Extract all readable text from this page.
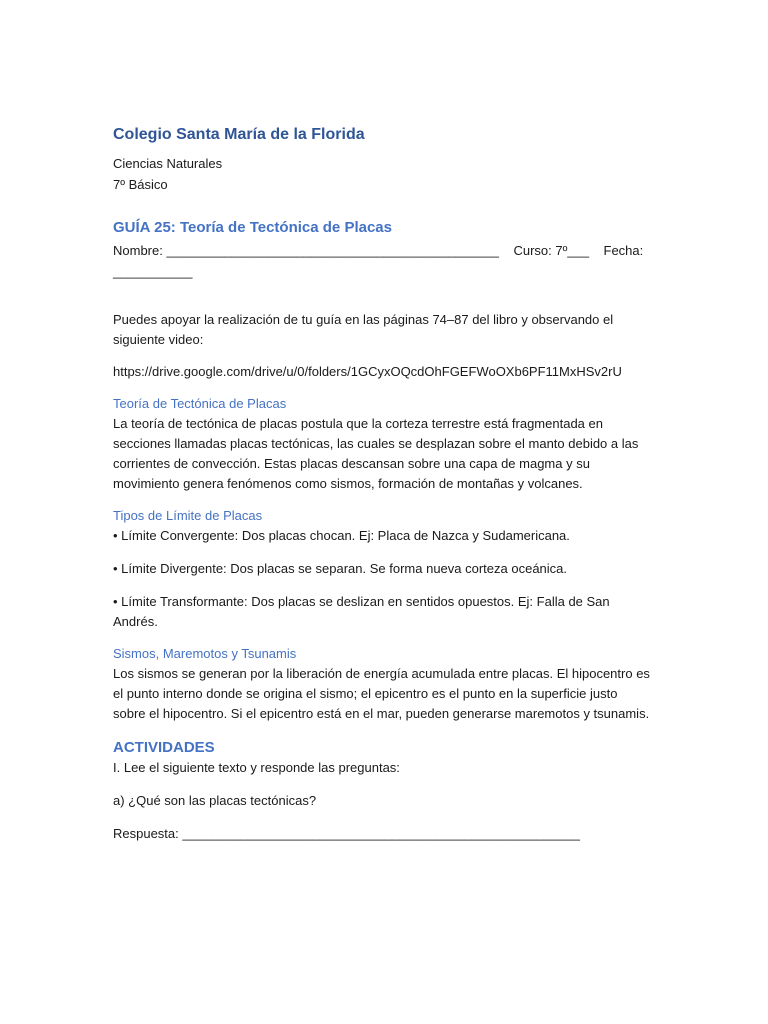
Colegio Santa María de la Florida

Ciencias Naturales

7º Básico

GUÍA 25: Teoría de Tectónica de Placas

Nombre: ______________________________________________    Curso: 7º___    Fecha:

___________

Puedes apoyar la realización de tu guía en las páginas 74–87 del libro y observando el siguiente video:

https://drive.google.com/drive/u/0/folders/1GCyxOQcdOhFGEFWoOXb6PF11MxHSv2rU

Teoría de Tectónica de Placas

La teoría de tectónica de placas postula que la corteza terrestre está fragmentada en secciones llamadas placas tectónicas, las cuales se desplazan sobre el manto debido a las corrientes de convección. Estas placas descansan sobre una capa de magma y su movimiento genera fenómenos como sismos, formación de montañas y volcanes.

Tipos de Límite de Placas

• Límite Convergente: Dos placas chocan. Ej: Placa de Nazca y Sudamericana.

• Límite Divergente: Dos placas se separan. Se forma nueva corteza oceánica.

• Límite Transformante: Dos placas se deslizan en sentidos opuestos. Ej: Falla de San Andrés.

Sismos, Maremotos y Tsunamis

Los sismos se generan por la liberación de energía acumulada entre placas. El hipocentro es el punto interno donde se origina el sismo; el epicentro es el punto en la superficie justo sobre el hipocentro. Si el epicentro está en el mar, pueden generarse maremotos y tsunamis.

ACTIVIDADES

I. Lee el siguiente texto y responde las preguntas:

a) ¿Qué son las placas tectónicas?

Respuesta: _______________________________________________________
